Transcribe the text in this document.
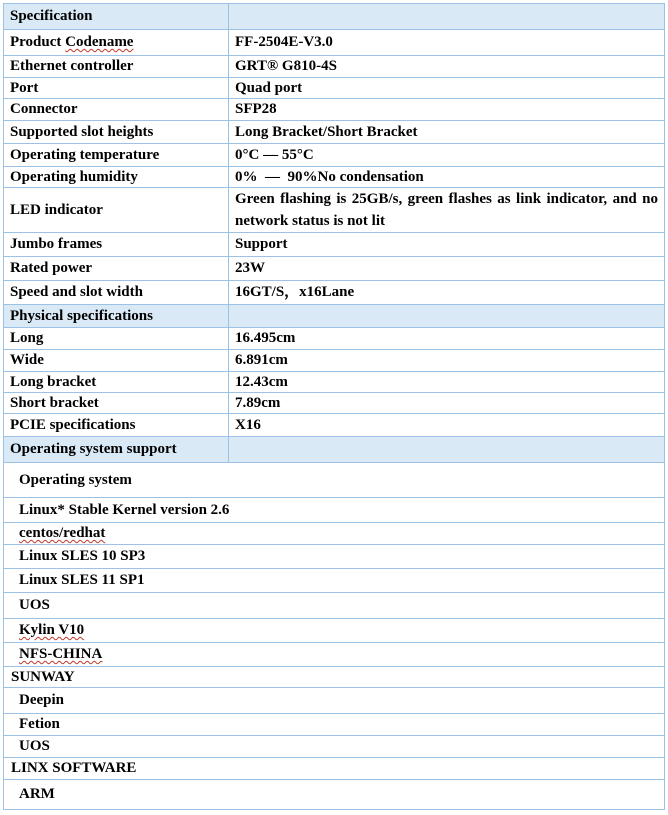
Specification	
Product Codename	FF-2504E-V3.0
Ethernet controller	GRT® G810-4S
Port	Quad port
Connector	SFP28
Supported slot heights	Long Bracket/Short Bracket
Operating temperature	0°C — 55°C
Operating humidity	0%  —  90%No condensation
LED indicator	Green flashing is 25GB/s, green flashes as link indicator, and no network status is not lit
Jumbo frames	Support
Rated power	23W
Speed and slot width	16GT/S，x16Lane
Physical specifications	
Long	16.495cm
Wide	6.891cm
Long bracket	12.43cm
Short bracket	7.89cm
PCIE specifications	X16
Operating system support	
Operating system	
Linux* Stable Kernel version 2.6	
centos/redhat	
Linux SLES 10 SP3	
Linux SLES 11 SP1	
UOS	
Kylin V10	
NFS-CHINA	
SUNWAY	
Deepin	
Fetion	
UOS	
LINX SOFTWARE	
ARM	
